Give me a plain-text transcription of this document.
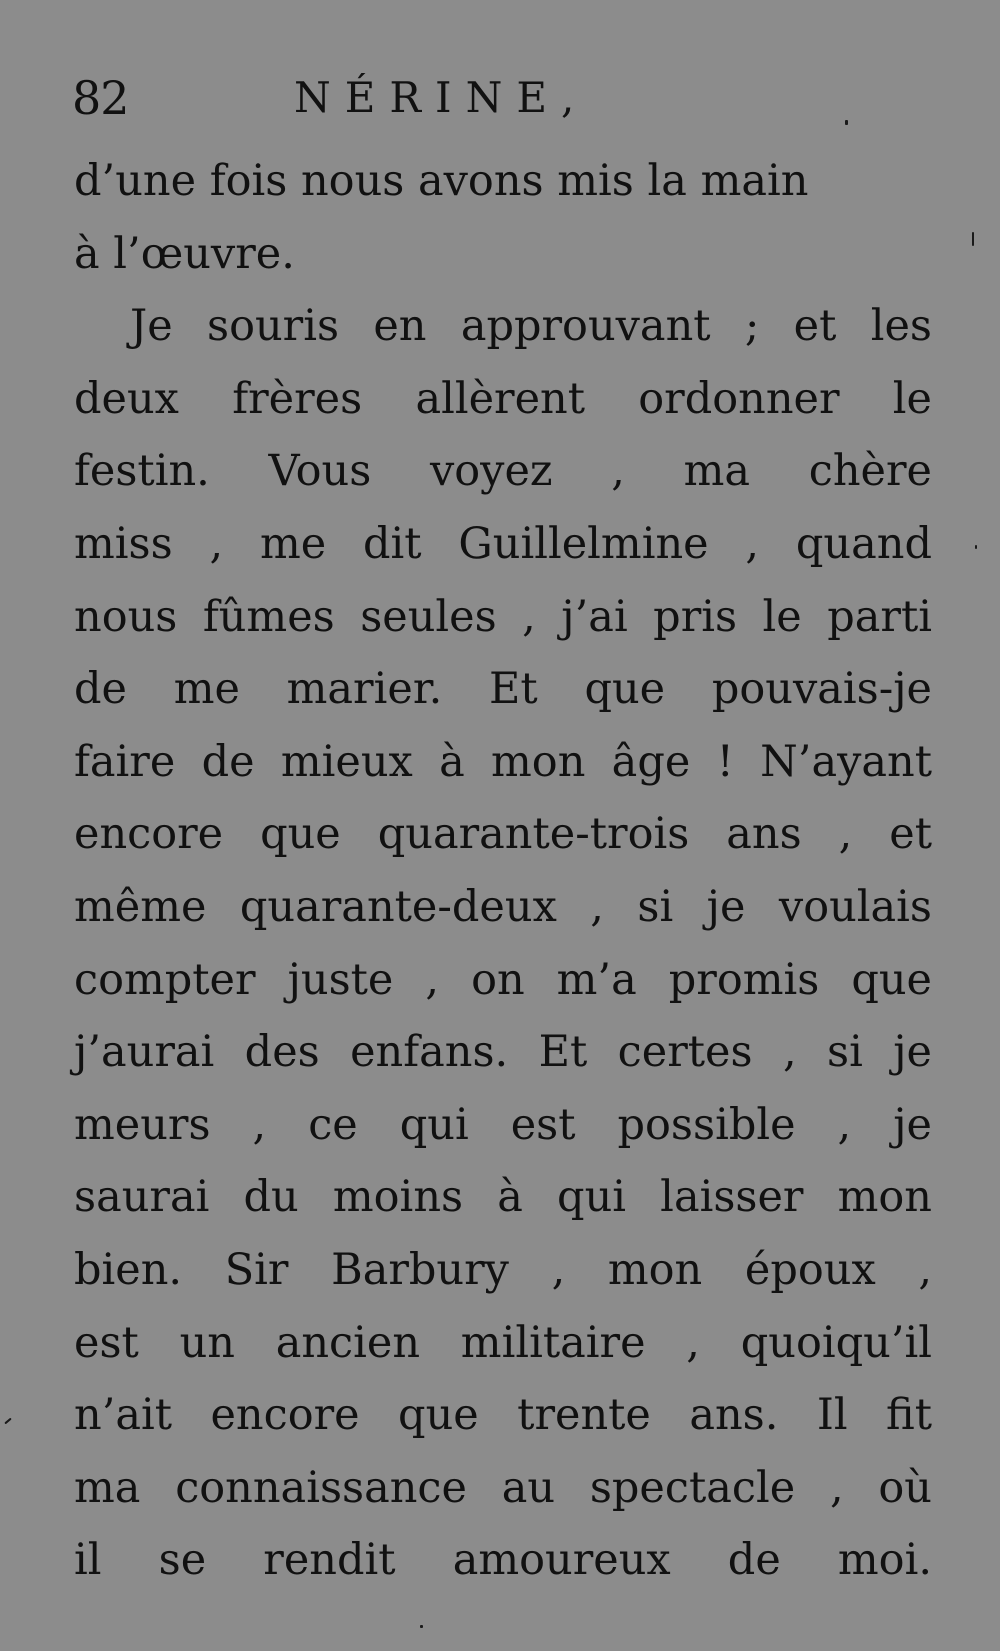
82	NÉRINE,
d’une fois nous avons mis la main
à l’œuvre.
Je souris en approuvant ; et les
deux frères allèrent ordonner le
festin. Vous voyez , ma chère
miss , me dit Guillelmine , quand
nous fûmes seules , j’ai pris le parti
de me marier. Et que pouvais-je
faire de mieux à mon âge ! N’ayant
encore que quarante-trois ans , et
même quarante-deux , si je voulais
compter juste , on m’a promis que
j’aurai des enfans. Et certes , si je
meurs , ce qui est possible , je
saurai du moins à qui laisser mon
bien. Sir Barbury , mon époux ,
est un ancien militaire , quoiqu’il
n’ait encore que trente ans. Il fit
ma connaissance au spectacle , où
il se rendit amoureux de moi.
